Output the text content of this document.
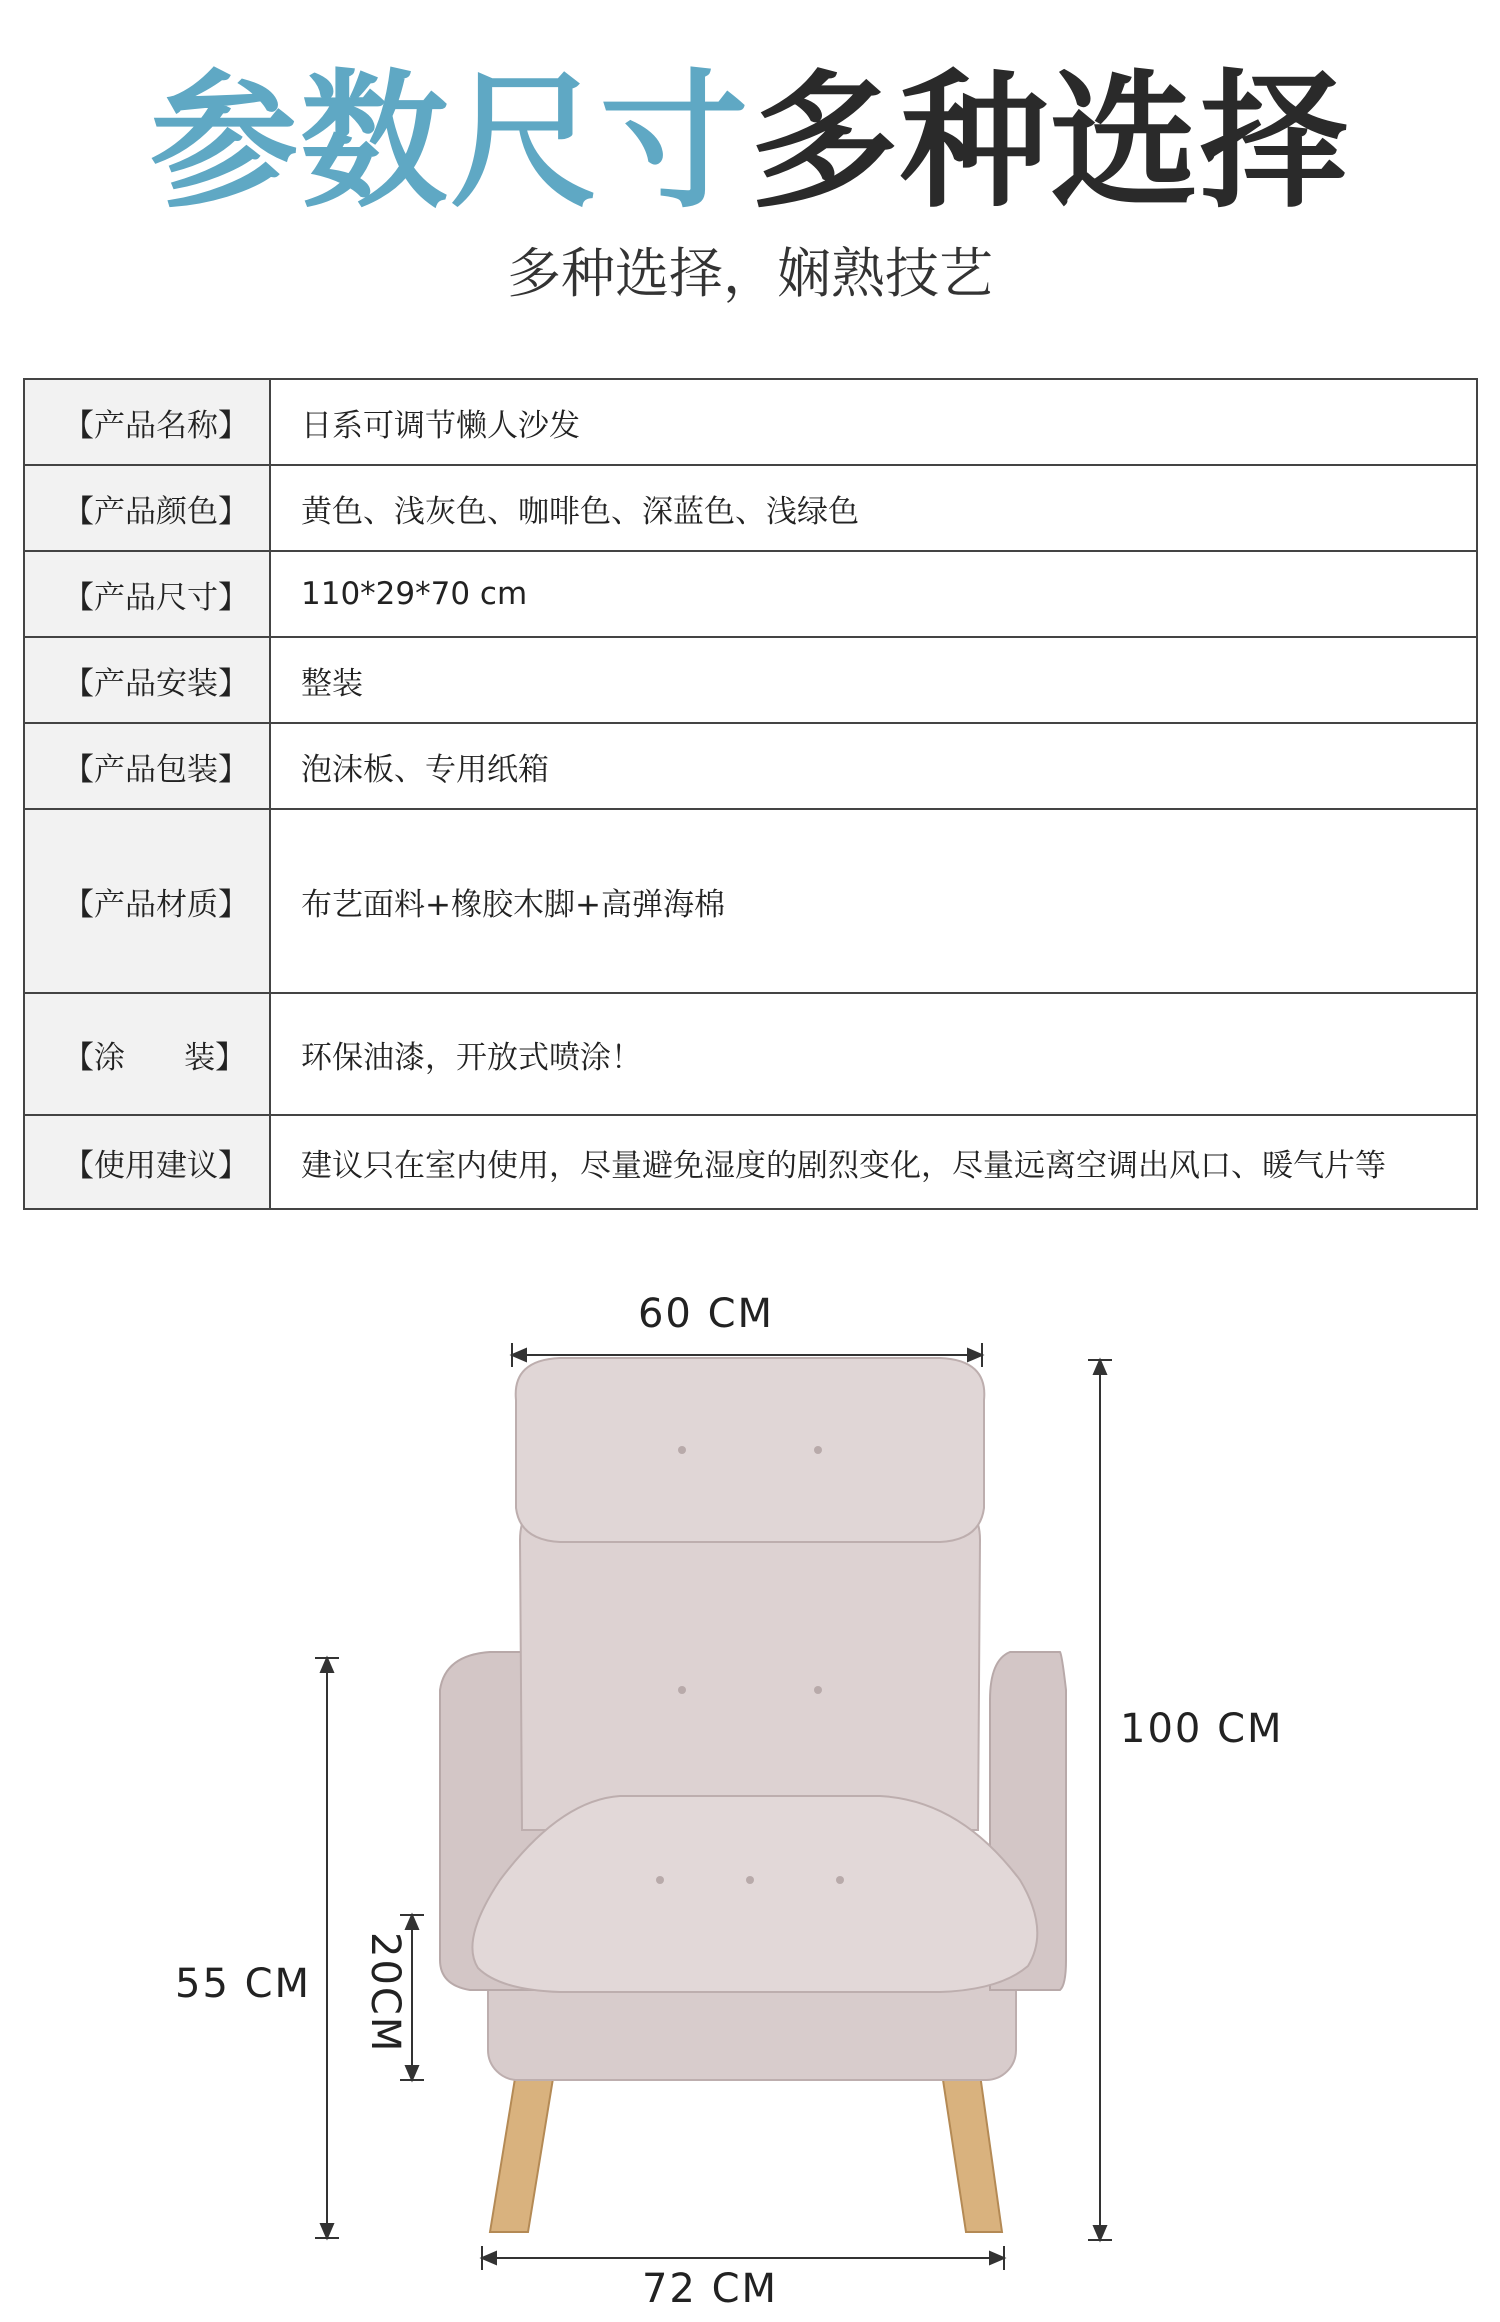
参数尺寸多种选择
多种选择，娴熟技艺
【产品名称】	日系可调节懒人沙发
【产品颜色】	黄色、浅灰色、咖啡色、深蓝色、浅绿色
【产品尺寸】	110*29*70 cm
【产品安装】	整装
【产品包装】	泡沫板、专用纸箱
【产品材质】	布艺面料+橡胶木脚+高弹海棉
【涂      装】	环保油漆，开放式喷涂！
【使用建议】	建议只在室内使用，尽量避免湿度的剧烈变化，尽量远离空调出风口、暖气片等
60 CM
100 CM
55 CM 20CM
72 CM
